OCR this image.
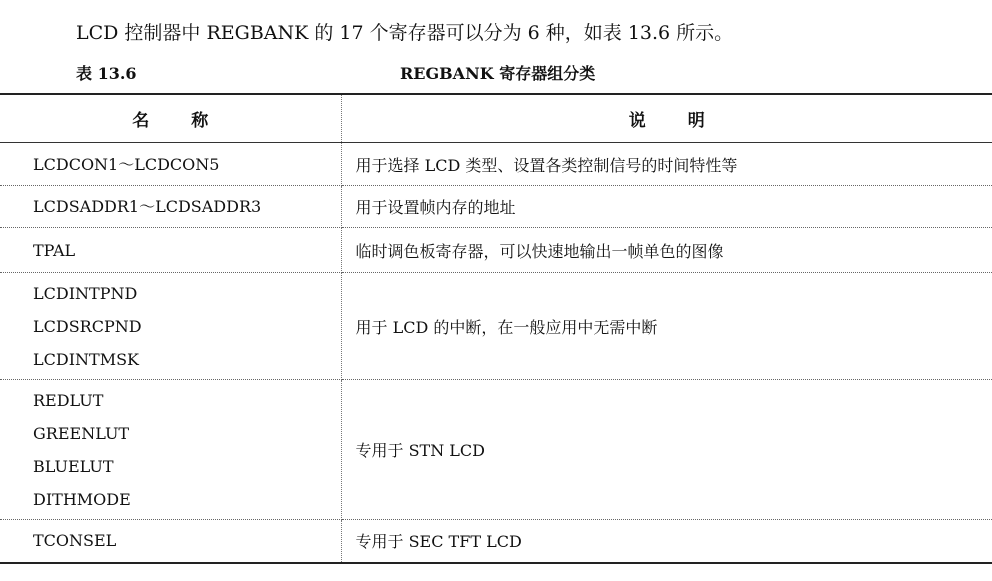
LCD 控制器中 REGBANK 的 17 个寄存器可以分为 6 种，如表 13.6 所示。
表 13.6	REGBANK 寄存器组分类
名 称	说 明

LCDCON1～LCDCON5	用于选择 LCD 类型、设置各类控制信号的时间特性等

LCDSADDR1～LCDSADDR3	用于设置帧内存的地址

TPAL	临时调色板寄存器，可以快速地输出一帧单色的图像

LCDINTPND
LCDSRCPND
LCDINTMSK	用于 LCD 的中断，在一般应用中无需中断

REDLUT
GREENLUT
BLUELUT
DITHMODE	专用于 STN LCD

TCONSEL	专用于 SEC TFT LCD
